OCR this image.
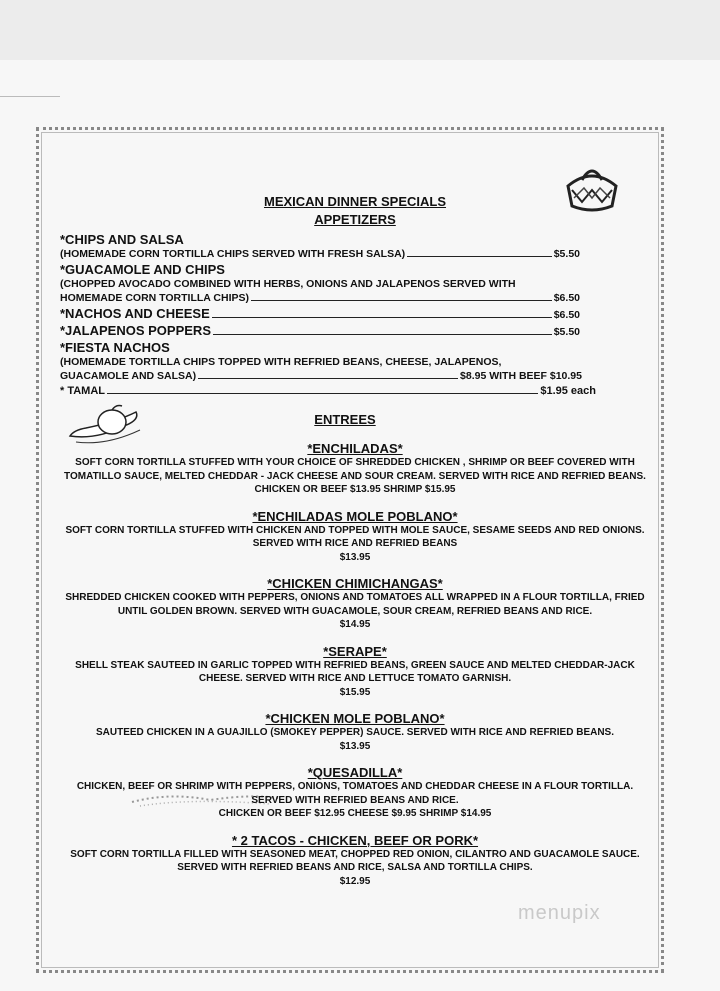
MEXICAN DINNER SPECIALS
APPETIZERS
*CHIPS AND SALSA
(HOMEMADE CORN TORTILLA CHIPS SERVED WITH FRESH SALSA)	$5.50
*GUACAMOLE AND CHIPS
(CHOPPED AVOCADO COMBINED WITH HERBS, ONIONS AND JALAPENOS SERVED WITH
HOMEMADE CORN TORTILLA CHIPS)	$6.50
*NACHOS AND CHEESE	$6.50
*JALAPENOS POPPERS	$5.50
*FIESTA NACHOS
(HOMEMADE TORTILLA CHIPS TOPPED WITH REFRIED BEANS, CHEESE, JALAPENOS,
GUACAMOLE AND SALSA)	$8.95 WITH BEEF $10.95
* TAMAL	$1.95 each
ENTREES
*ENCHILADAS*
SOFT CORN TORTILLA STUFFED WITH YOUR CHOICE OF SHREDDED CHICKEN , SHRIMP OR BEEF COVERED WITH TOMATILLO SAUCE, MELTED CHEDDAR - JACK CHEESE AND SOUR CREAM. SERVED WITH RICE AND REFRIED BEANS.
CHICKEN OR BEEF $13.95 SHRIMP $15.95
*ENCHILADAS MOLE POBLANO*
SOFT CORN TORTILLA STUFFED WITH CHICKEN AND TOPPED WITH MOLE SAUCE, SESAME SEEDS AND RED ONIONS. SERVED WITH RICE AND REFRIED BEANS
$13.95
*CHICKEN CHIMICHANGAS*
SHREDDED CHICKEN COOKED WITH PEPPERS, ONIONS AND TOMATOES ALL WRAPPED IN A FLOUR TORTILLA, FRIED UNTIL GOLDEN BROWN. SERVED WITH GUACAMOLE, SOUR CREAM, REFRIED BEANS AND RICE.
$14.95
*SERAPE*
SHELL STEAK SAUTEED IN GARLIC TOPPED WITH REFRIED BEANS, GREEN SAUCE AND MELTED CHEDDAR-JACK CHEESE. SERVED WITH RICE AND LETTUCE TOMATO GARNISH.
$15.95
*CHICKEN MOLE POBLANO*
SAUTEED CHICKEN IN A GUAJILLO (SMOKEY PEPPER) SAUCE. SERVED WITH RICE AND REFRIED BEANS.
$13.95
*QUESADILLA*
CHICKEN, BEEF OR SHRIMP WITH PEPPERS, ONIONS, TOMATOES AND CHEDDAR CHEESE IN A FLOUR TORTILLA. SERVED WITH REFRIED BEANS AND RICE.
CHICKEN OR BEEF $12.95 CHEESE $9.95 SHRIMP $14.95
* 2 TACOS - CHICKEN, BEEF OR PORK*
SOFT CORN TORTILLA FILLED WITH SEASONED MEAT, CHOPPED RED ONION, CILANTRO AND GUACAMOLE SAUCE. SERVED WITH REFRIED BEANS AND RICE, SALSA AND TORTILLA CHIPS.
$12.95
menupix
